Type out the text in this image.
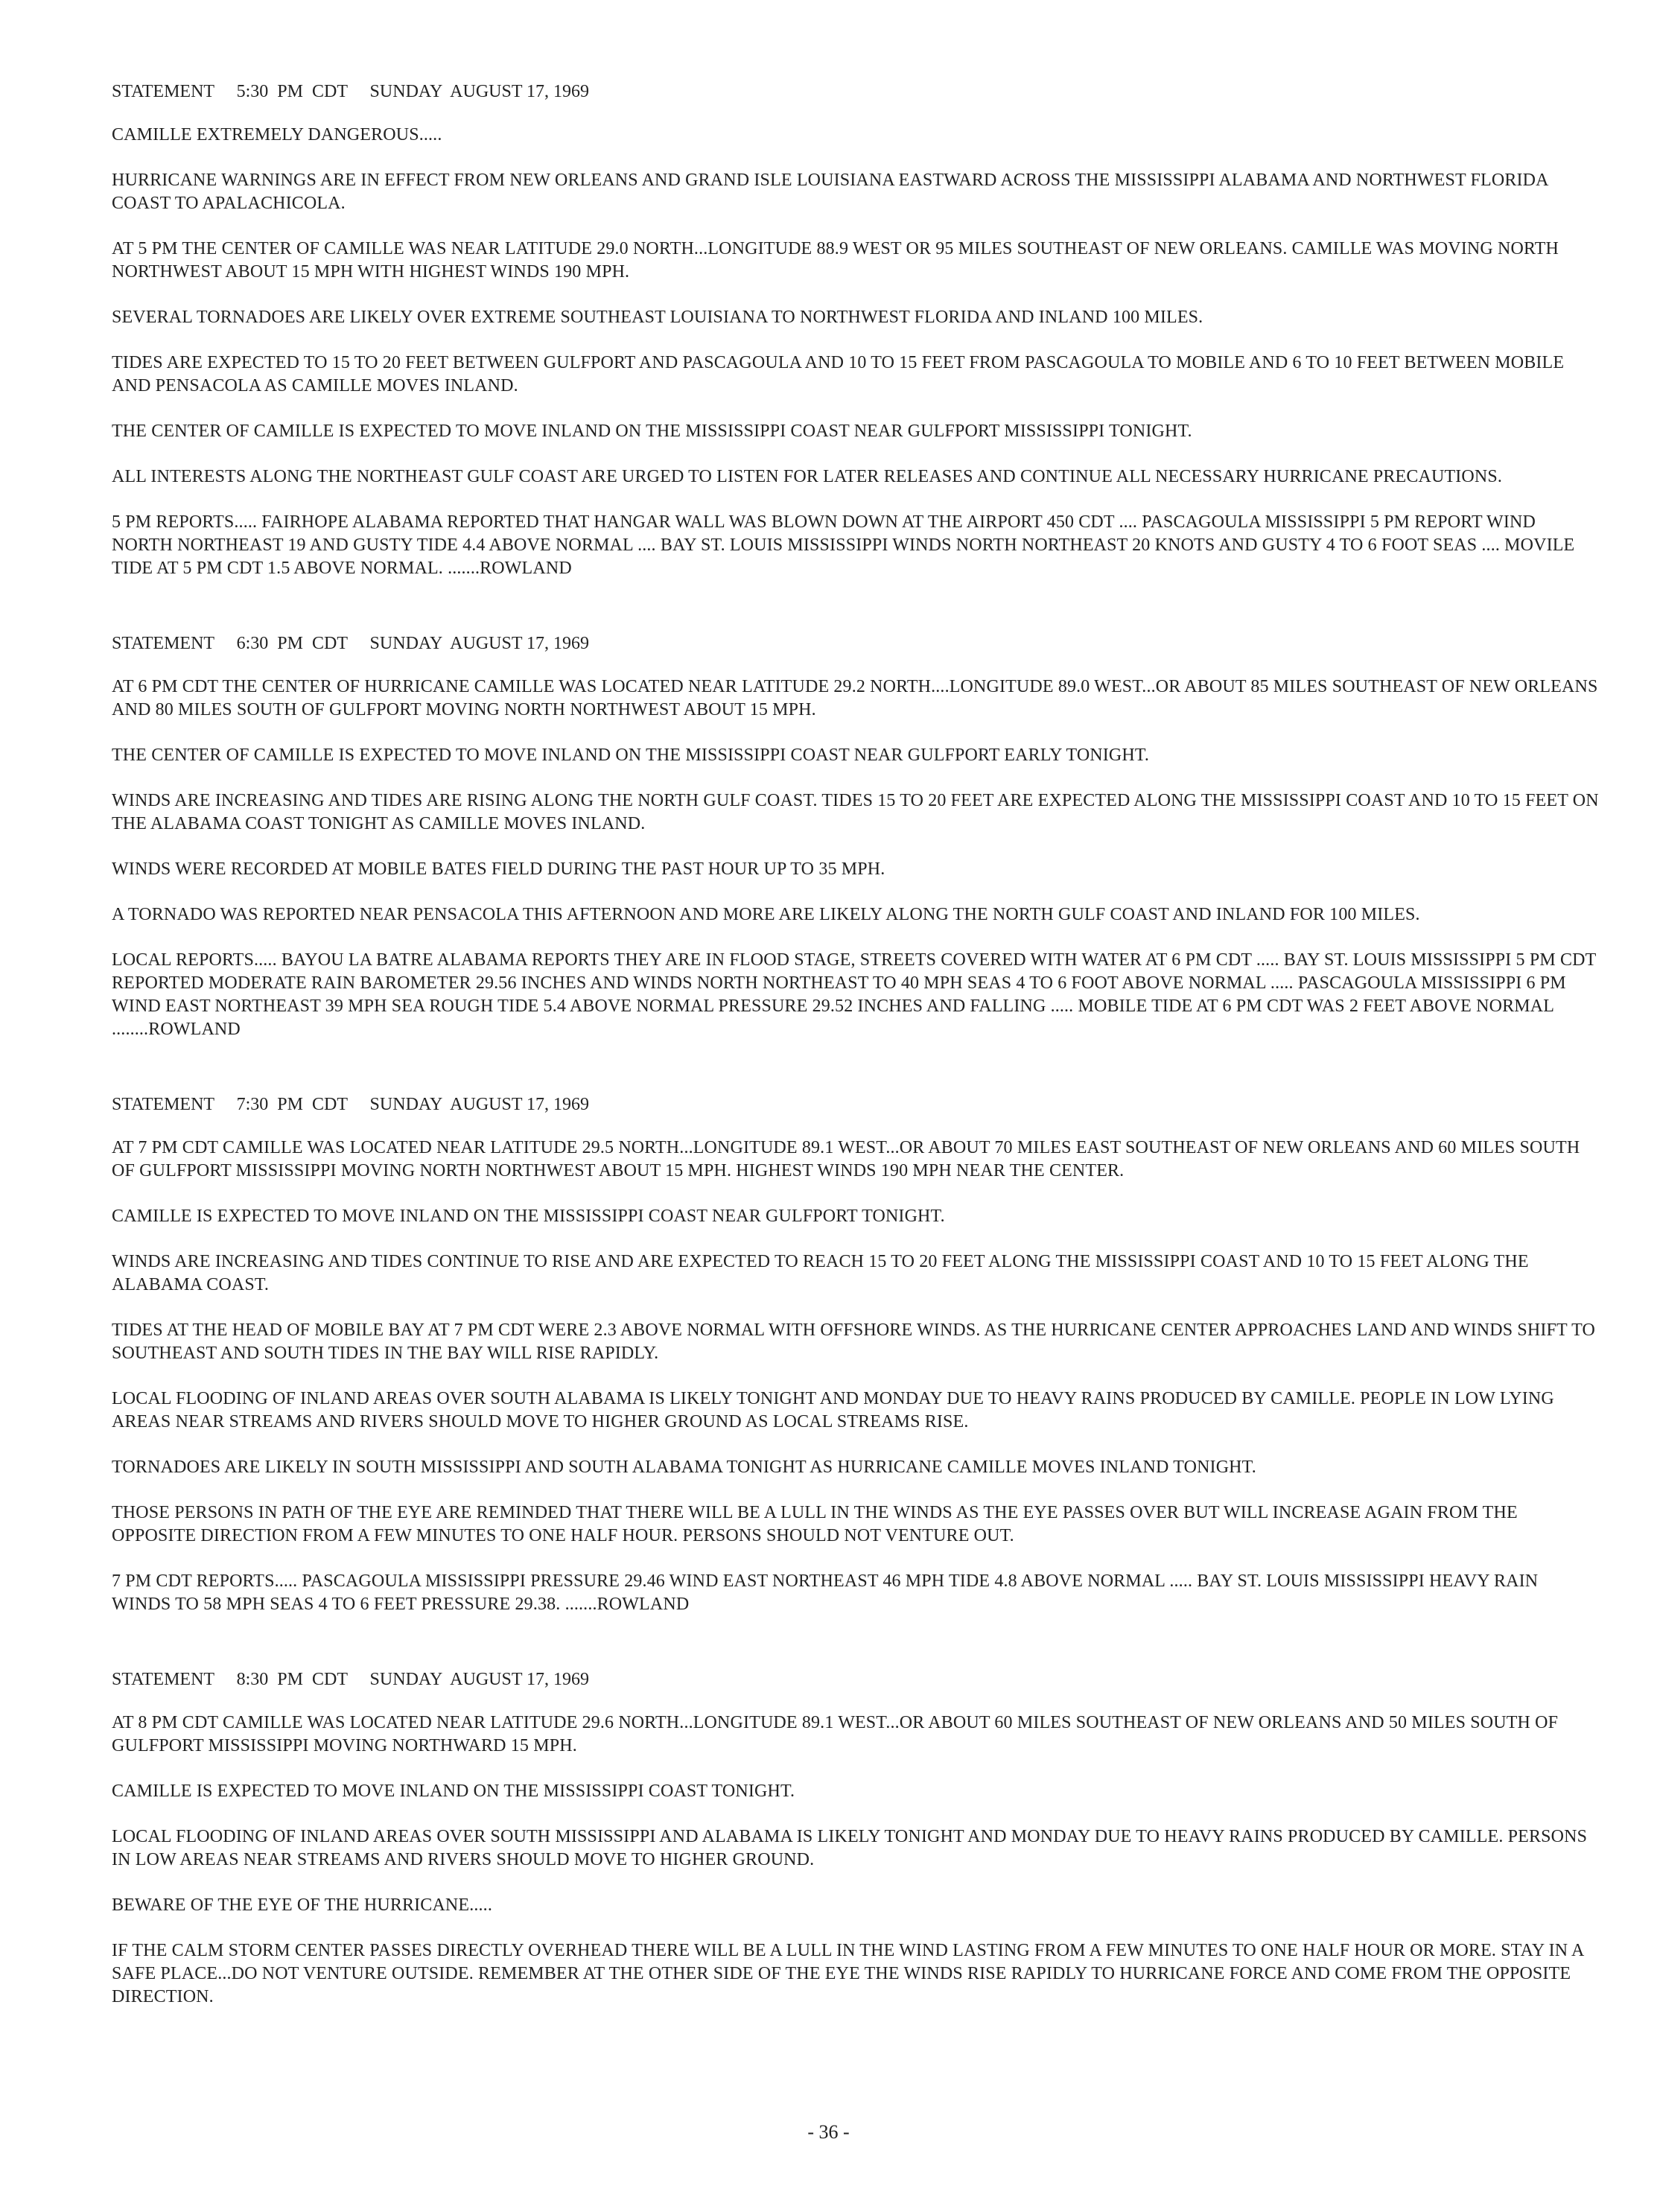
STATEMENT     5:30  PM  CDT     SUNDAY  AUGUST 17, 1969
CAMILLE EXTREMELY DANGEROUS.....
HURRICANE WARNINGS ARE IN EFFECT FROM NEW ORLEANS AND GRAND ISLE LOUISIANA EASTWARD ACROSS THE MISSISSIPPI ALABAMA AND NORTHWEST FLORIDA COAST TO APALACHICOLA.
AT 5 PM THE CENTER OF CAMILLE WAS NEAR LATITUDE 29.0 NORTH...LONGITUDE 88.9 WEST OR 95 MILES SOUTHEAST OF NEW ORLEANS. CAMILLE WAS MOVING NORTH NORTHWEST ABOUT 15 MPH WITH HIGHEST WINDS 190 MPH.
SEVERAL TORNADOES ARE LIKELY OVER EXTREME SOUTHEAST LOUISIANA TO NORTHWEST FLORIDA AND INLAND 100 MILES.
TIDES ARE EXPECTED TO 15 TO 20 FEET BETWEEN GULFPORT AND PASCAGOULA AND 10 TO 15 FEET FROM PASCAGOULA TO MOBILE AND 6 TO 10 FEET BETWEEN MOBILE AND PENSACOLA AS CAMILLE MOVES INLAND.
THE CENTER OF CAMILLE IS EXPECTED TO MOVE INLAND ON THE MISSISSIPPI COAST NEAR GULFPORT MISSISSIPPI TONIGHT.
ALL INTERESTS ALONG THE NORTHEAST GULF COAST ARE URGED TO LISTEN FOR LATER RELEASES AND CONTINUE ALL NECESSARY HURRICANE PRECAUTIONS.
5 PM REPORTS..... FAIRHOPE ALABAMA REPORTED THAT HANGAR WALL WAS BLOWN DOWN AT THE AIRPORT 450 CDT .... PASCAGOULA MISSISSIPPI 5 PM REPORT WIND NORTH NORTHEAST 19 AND GUSTY TIDE 4.4 ABOVE NORMAL .... BAY ST. LOUIS MISSISSIPPI WINDS NORTH NORTHEAST 20 KNOTS AND GUSTY 4 TO 6 FOOT SEAS .... MOVILE TIDE AT 5 PM CDT 1.5 ABOVE NORMAL. .......ROWLAND
STATEMENT     6:30  PM  CDT     SUNDAY  AUGUST 17, 1969
AT 6 PM CDT THE CENTER OF HURRICANE CAMILLE WAS LOCATED NEAR LATITUDE 29.2 NORTH....LONGITUDE 89.0 WEST...OR ABOUT 85 MILES SOUTHEAST OF NEW ORLEANS AND 80 MILES SOUTH OF GULFPORT MOVING NORTH NORTHWEST ABOUT 15 MPH.
THE CENTER OF CAMILLE IS EXPECTED TO MOVE INLAND ON THE MISSISSIPPI COAST NEAR GULFPORT EARLY TONIGHT.
WINDS ARE INCREASING AND TIDES ARE RISING ALONG THE NORTH GULF COAST. TIDES 15 TO 20 FEET ARE EXPECTED ALONG THE MISSISSIPPI COAST AND 10 TO 15 FEET ON THE ALABAMA COAST TONIGHT AS CAMILLE MOVES INLAND.
WINDS WERE RECORDED AT MOBILE BATES FIELD DURING THE PAST HOUR UP TO 35 MPH.
A TORNADO WAS REPORTED NEAR PENSACOLA THIS AFTERNOON AND MORE ARE LIKELY ALONG THE NORTH GULF COAST AND INLAND FOR 100 MILES.
LOCAL REPORTS..... BAYOU LA BATRE ALABAMA REPORTS THEY ARE IN FLOOD STAGE, STREETS COVERED WITH WATER AT 6 PM CDT ..... BAY ST. LOUIS MISSISSIPPI 5 PM CDT REPORTED MODERATE RAIN BAROMETER 29.56 INCHES AND WINDS NORTH NORTHEAST TO 40 MPH SEAS 4 TO 6 FOOT ABOVE NORMAL ..... PASCAGOULA MISSISSIPPI 6 PM WIND EAST NORTHEAST 39 MPH SEA ROUGH TIDE 5.4 ABOVE NORMAL PRESSURE 29.52 INCHES AND FALLING ..... MOBILE TIDE AT 6 PM CDT WAS 2 FEET ABOVE NORMAL ........ROWLAND
STATEMENT     7:30  PM  CDT     SUNDAY  AUGUST 17, 1969
AT 7 PM CDT CAMILLE WAS LOCATED NEAR LATITUDE 29.5 NORTH...LONGITUDE 89.1 WEST...OR ABOUT 70 MILES EAST SOUTHEAST OF NEW ORLEANS AND 60 MILES SOUTH OF GULFPORT MISSISSIPPI MOVING NORTH NORTHWEST ABOUT 15 MPH. HIGHEST WINDS 190 MPH NEAR THE CENTER.
CAMILLE IS EXPECTED TO MOVE INLAND ON THE MISSISSIPPI COAST NEAR GULFPORT TONIGHT.
WINDS ARE INCREASING AND TIDES CONTINUE TO RISE AND ARE EXPECTED TO REACH 15 TO 20 FEET ALONG THE MISSISSIPPI COAST AND 10 TO 15 FEET ALONG THE ALABAMA COAST.
TIDES AT THE HEAD OF MOBILE BAY AT 7 PM CDT WERE 2.3 ABOVE NORMAL WITH OFFSHORE WINDS. AS THE HURRICANE CENTER APPROACHES LAND AND WINDS SHIFT TO SOUTHEAST AND SOUTH TIDES IN THE BAY WILL RISE RAPIDLY.
LOCAL FLOODING OF INLAND AREAS OVER SOUTH ALABAMA IS LIKELY TONIGHT AND MONDAY DUE TO HEAVY RAINS PRODUCED BY CAMILLE. PEOPLE IN LOW LYING AREAS NEAR STREAMS AND RIVERS SHOULD MOVE TO HIGHER GROUND AS LOCAL STREAMS RISE.
TORNADOES ARE LIKELY IN SOUTH MISSISSIPPI AND SOUTH ALABAMA TONIGHT AS HURRICANE CAMILLE MOVES INLAND TONIGHT.
THOSE PERSONS IN PATH OF THE EYE ARE REMINDED THAT THERE WILL BE A LULL IN THE WINDS AS THE EYE PASSES OVER BUT WILL INCREASE AGAIN FROM THE OPPOSITE DIRECTION FROM A FEW MINUTES TO ONE HALF HOUR. PERSONS SHOULD NOT VENTURE OUT.
7 PM CDT REPORTS..... PASCAGOULA MISSISSIPPI PRESSURE 29.46 WIND EAST NORTHEAST 46 MPH TIDE 4.8 ABOVE NORMAL ..... BAY ST. LOUIS MISSISSIPPI HEAVY RAIN WINDS TO 58 MPH SEAS 4 TO 6 FEET PRESSURE 29.38. .......ROWLAND
STATEMENT     8:30  PM  CDT     SUNDAY  AUGUST 17, 1969
AT 8 PM CDT CAMILLE WAS LOCATED NEAR LATITUDE 29.6 NORTH...LONGITUDE 89.1 WEST...OR ABOUT 60 MILES SOUTHEAST OF NEW ORLEANS AND 50 MILES SOUTH OF GULFPORT MISSISSIPPI MOVING NORTHWARD 15 MPH.
CAMILLE IS EXPECTED TO MOVE INLAND ON THE MISSISSIPPI COAST TONIGHT.
LOCAL FLOODING OF INLAND AREAS OVER SOUTH MISSISSIPPI AND ALABAMA IS LIKELY TONIGHT AND MONDAY DUE TO HEAVY RAINS PRODUCED BY CAMILLE. PERSONS IN LOW AREAS NEAR STREAMS AND RIVERS SHOULD MOVE TO HIGHER GROUND.
BEWARE OF THE EYE OF THE HURRICANE.....
IF THE CALM STORM CENTER PASSES DIRECTLY OVERHEAD THERE WILL BE A LULL IN THE WIND LASTING FROM A FEW MINUTES TO ONE HALF HOUR OR MORE. STAY IN A SAFE PLACE...DO NOT VENTURE OUTSIDE. REMEMBER AT THE OTHER SIDE OF THE EYE THE WINDS RISE RAPIDLY TO HURRICANE FORCE AND COME FROM THE OPPOSITE DIRECTION.
- 36 -
